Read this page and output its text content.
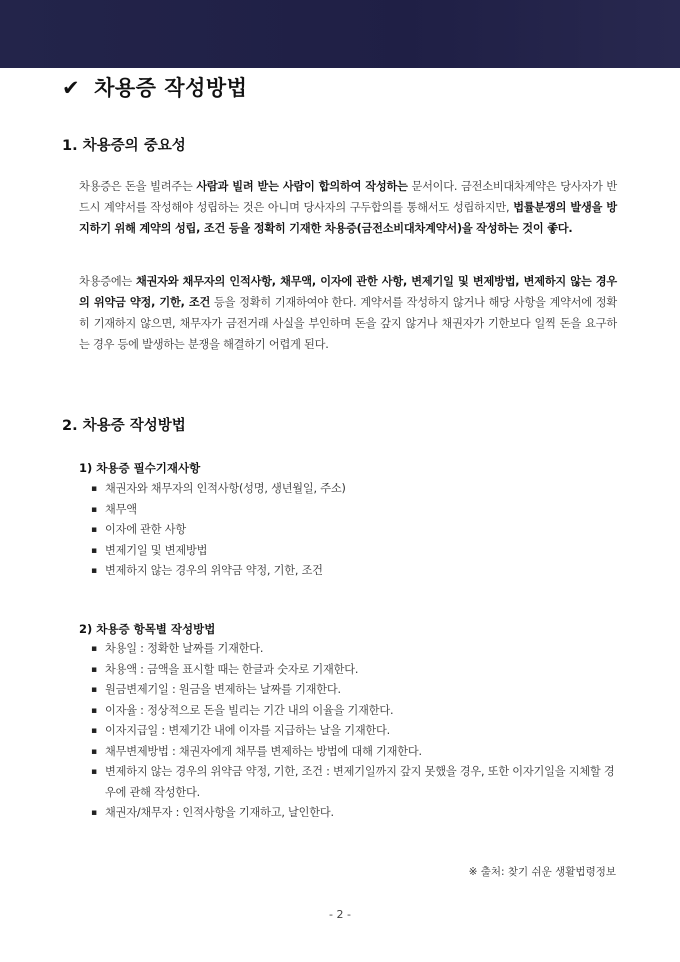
✔ 차용증 작성방법
1. 차용증의 중요성
차용증은 돈을 빌려주는 사람과 빌려 받는 사람이 합의하여 작성하는 문서이다. 금전소비대차계약은 당사자가 반드시 계약서를 작성해야 성립하는 것은 아니며 당사자의 구두합의를 통해서도 성립하지만, 법률분쟁의 발생을 방지하기 위해 계약의 성립, 조건 등을 정확히 기재한 차용증(금전소비대차계약서)을 작성하는 것이 좋다.
차용증에는 채권자와 채무자의 인적사항, 채무액, 이자에 관한 사항, 변제기일 및 변제방법, 변제하지 않는 경우의 위약금 약정, 기한, 조건 등을 정확히 기재하여야 한다. 계약서를 작성하지 않거나 해당 사항을 계약서에 정확히 기재하지 않으면, 채무자가 금전거래 사실을 부인하며 돈을 갚지 않거나 채권자가 기한보다 일찍 돈을 요구하는 경우 등에 발생하는 분쟁을 해결하기 어렵게 된다.
2. 차용증 작성방법
1) 차용증 필수기재사항
▪ 채권자와 채무자의 인적사항(성명, 생년월일, 주소)
▪ 채무액
▪ 이자에 관한 사항
▪ 변제기일 및 변제방법
▪ 변제하지 않는 경우의 위약금 약정, 기한, 조건
2) 차용증 항목별 작성방법
▪ 차용일 : 정확한 날짜를 기재한다.
▪ 차용액 : 금액을 표시할 때는 한글과 숫자로 기재한다.
▪ 원금변제기일 : 원금을 변제하는 날짜를 기재한다.
▪ 이자율 : 정상적으로 돈을 빌리는 기간 내의 이율을 기재한다.
▪ 이자지급일 : 변제기간 내에 이자를 지급하는 날을 기재한다.
▪ 채무변제방법 : 채권자에게 채무를 변제하는 방법에 대해 기재한다.
▪ 변제하지 않는 경우의 위약금 약정, 기한, 조건 : 변제기일까지 갚지 못했을 경우, 또한 이자기일을 지체할 경우에 관해 작성한다.
▪ 채권자/채무자 : 인적사항을 기재하고, 날인한다.
※ 출처: 찾기 쉬운 생활법령정보
- 2 -
